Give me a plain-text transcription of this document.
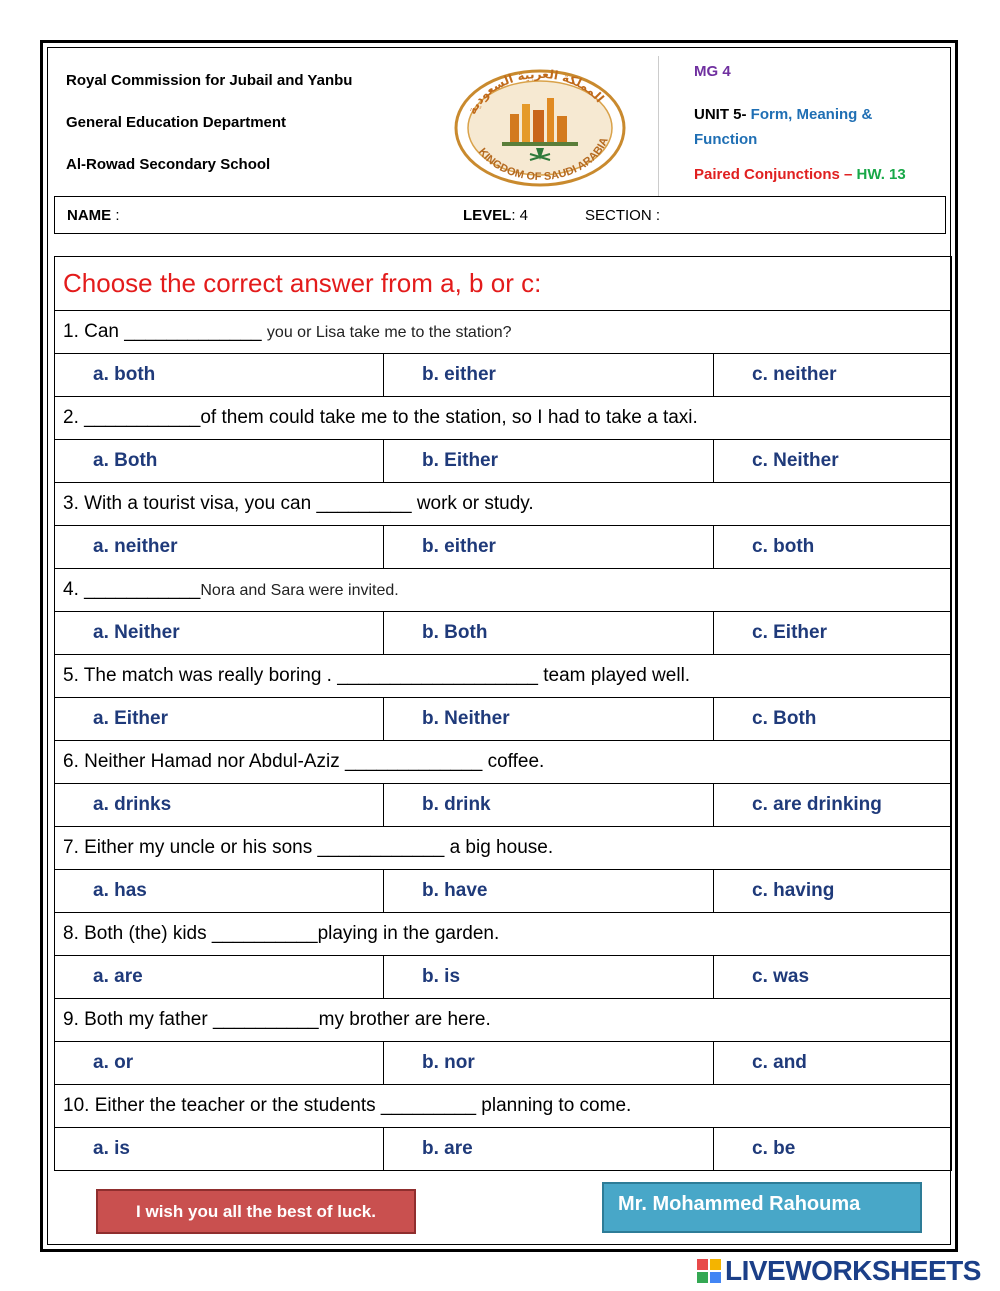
Royal Commission for Jubail and Yanbu
General Education Department
Al-Rowad Secondary School
المملكة العربية السعودية
KINGDOM OF SAUDI ARABIA
MG 4
UNIT 5- Form, Meaning &
Function
Paired Conjunctions – HW. 13
NAME :	LEVEL: 4	SECTION :
Choose the correct answer from a, b or c:		
1. Can _____________ you or Lisa take me to the station?		
a. both	b. either	c. neither
2. ___________of them could take me to the station, so I had to take a taxi.		
a. Both	b. Either	c. Neither
3. With a tourist visa, you can _________ work or study.		
a. neither	b. either	c. both
4. ___________Nora and Sara were invited.		
a. Neither	b. Both	c. Either
5. The match was really boring . ___________________ team played well.		
a. Either	b. Neither	c. Both
6. Neither Hamad nor Abdul-Aziz _____________ coffee.		
a. drinks	b. drink	c. are drinking
7. Either my uncle or his sons ____________ a big house.		
a. has	b. have	c. having
8. Both (the) kids __________playing in the garden.		
a. are	b. is	c. was
9. Both my father __________my brother are here.		
a. or	b. nor	c. and
10. Either the teacher or the students _________ planning to come.		
a. is	b. are	c. be
I wish you all the best of luck.	Mr. Mohammed Rahouma
LIVEWORKSHEETS
